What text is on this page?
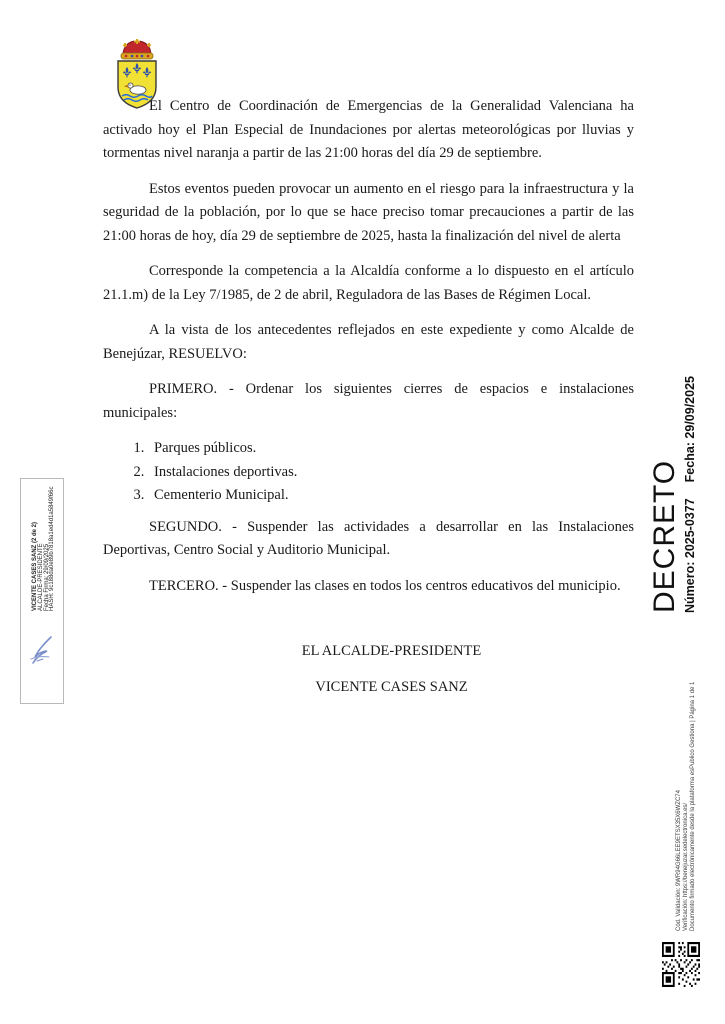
El Centro de Coordinación de Emergencias de la Generalidad Valenciana ha activado hoy el Plan Especial de Inundaciones por alertas meteorológicas por lluvias y tormentas nivel naranja a partir de las 21:00 horas del día 29 de septiembre.

Estos eventos pueden provocar un aumento en el riesgo para la infraestructura y la seguridad de la población, por lo que se hace preciso tomar precauciones a partir de las 21:00 horas de hoy, día 29 de septiembre de 2025, hasta la finalización del nivel de alerta

Corresponde la competencia a la Alcaldía conforme a lo dispuesto en el artículo 21.1.m) de la Ley 7/1985, de 2 de abril, Reguladora de las Bases de Régimen Local.

A la vista de los antecedentes reflejados en este expediente y como Alcalde de Benejúzar, RESUELVO:

PRIMERO. - Ordenar los siguientes cierres de espacios e instalaciones municipales:

1. Parques públicos.
2. Instalaciones deportivas.
3. Cementerio Municipal.

SEGUNDO. - Suspender las actividades a desarrollar en las Instalaciones Deportivas, Centro Social y Auditorio Municipal.

TERCERO. - Suspender las clases en todos los centros educativos del municipio.

EL ALCALDE-PRESIDENTE

VICENTE CASES SANZ

DECRETO Número: 2025-0377Fecha: 29/09/2025
VICENTE CASES SANZ (2 de 2) ALCALDE-PRESIDENTE Fecha Firma: 29/09/2025 HASH: 9c188da0e89b7818a1ed4d1a5849f66c
Cód. Validación: 9WR94G66LEE9ETSX35X6WZC74 Verificación: https://benejuzar.sedelectronica.es/ Documento firmado electrónicamente desde la plataforma esPublico Gestiona | Página 1 de 1
